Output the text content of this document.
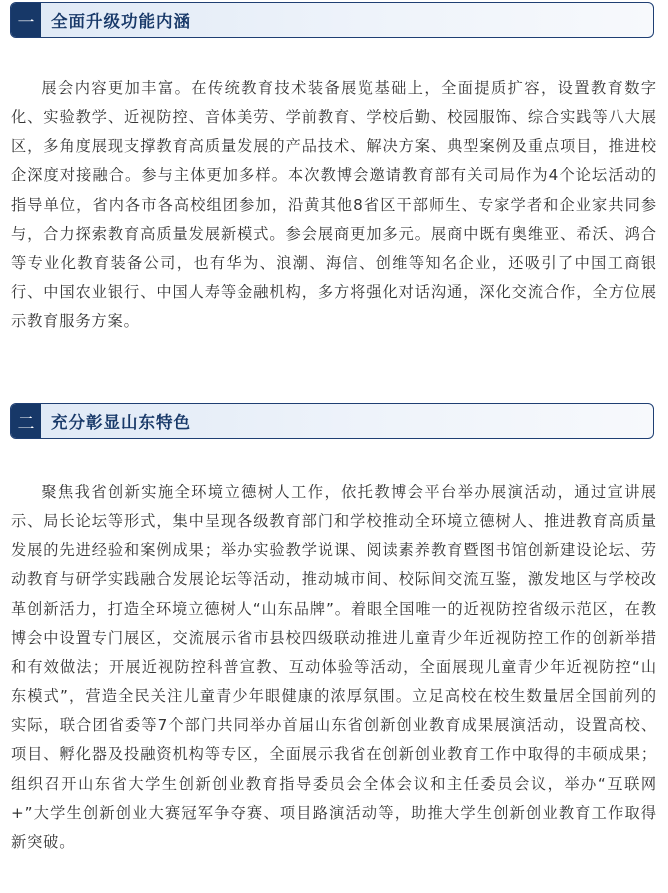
一	全面升级功能内涵

展会内容更加丰富。在传统教育技术装备展览基础上，全面提质扩容，设置教育数字化、实验教学、近视防控、音体美劳、学前教育、学校后勤、校园服饰、综合实践等八大展区，多角度展现支撑教育高质量发展的产品技术、解决方案、典型案例及重点项目，推进校企深度对接融合。参与主体更加多样。本次教博会邀请教育部有关司局作为4个论坛活动的指导单位，省内各市各高校组团参加，沿黄其他8省区干部师生、专家学者和企业家共同参与，合力探索教育高质量发展新模式。参会展商更加多元。展商中既有奥维亚、希沃、鸿合等专业化教育装备公司，也有华为、浪潮、海信、创维等知名企业，还吸引了中国工商银行、中国农业银行、中国人寿等金融机构，多方将强化对话沟通，深化交流合作，全方位展示教育服务方案。

二	充分彰显山东特色

聚焦我省创新实施全环境立德树人工作，依托教博会平台举办展演活动，通过宣讲展示、局长论坛等形式，集中呈现各级教育部门和学校推动全环境立德树人、推进教育高质量发展的先进经验和案例成果；举办实验教学说课、阅读素养教育暨图书馆创新建设论坛、劳动教育与研学实践融合发展论坛等活动，推动城市间、校际间交流互鉴，激发地区与学校改革创新活力，打造全环境立德树人“山东品牌”。着眼全国唯一的近视防控省级示范区，在教博会中设置专门展区，交流展示省市县校四级联动推进儿童青少年近视防控工作的创新举措和有效做法；开展近视防控科普宣教、互动体验等活动，全面展现儿童青少年近视防控“山东模式”，营造全民关注儿童青少年眼健康的浓厚氛围。立足高校在校生数量居全国前列的实际，联合团省委等7个部门共同举办首届山东省创新创业教育成果展演活动，设置高校、项目、孵化器及投融资机构等专区，全面展示我省在创新创业教育工作中取得的丰硕成果；组织召开山东省大学生创新创业教育指导委员会全体会议和主任委员会议，举办“互联网+”大学生创新创业大赛冠军争夺赛、项目路演活动等，助推大学生创新创业教育工作取得新突破。
